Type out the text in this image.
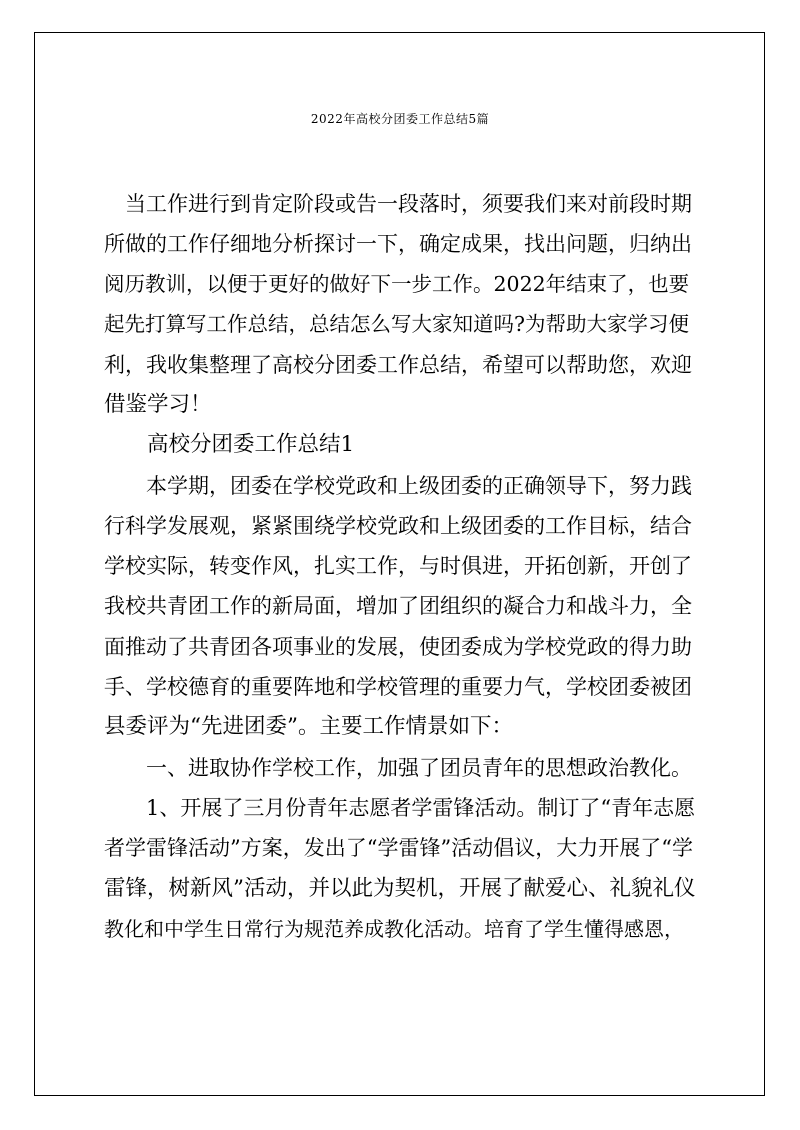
2022年高校分团委工作总结5篇
　当工作进行到肯定阶段或告一段落时，须要我们来对前段时期
所做的工作仔细地分析探讨一下，确定成果，找出问题，归纳出
阅历教训，以便于更好的做好下一步工作。2022年结束了，也要
起先打算写工作总结，总结怎么写大家知道吗?为帮助大家学习便
利，我收集整理了高校分团委工作总结，希望可以帮助您，欢迎
借鉴学习！
　　高校分团委工作总结1
　　本学期，团委在学校党政和上级团委的正确领导下，努力践
行科学发展观，紧紧围绕学校党政和上级团委的工作目标，结合
学校实际，转变作风，扎实工作，与时俱进，开拓创新，开创了
我校共青团工作的新局面，增加了团组织的凝合力和战斗力，全
面推动了共青团各项事业的发展，使团委成为学校党政的得力助
手、学校德育的重要阵地和学校管理的重要力气，学校团委被团
县委评为“先进团委”。主要工作情景如下：
　　一、进取协作学校工作，加强了团员青年的思想政治教化。
　　1、开展了三月份青年志愿者学雷锋活动。制订了“青年志愿
者学雷锋活动”方案，发出了“学雷锋”活动倡议，大力开展了“学
雷锋，树新风”活动，并以此为契机，开展了献爱心、礼貌礼仪
教化和中学生日常行为规范养成教化活动。培育了学生懂得感恩，
